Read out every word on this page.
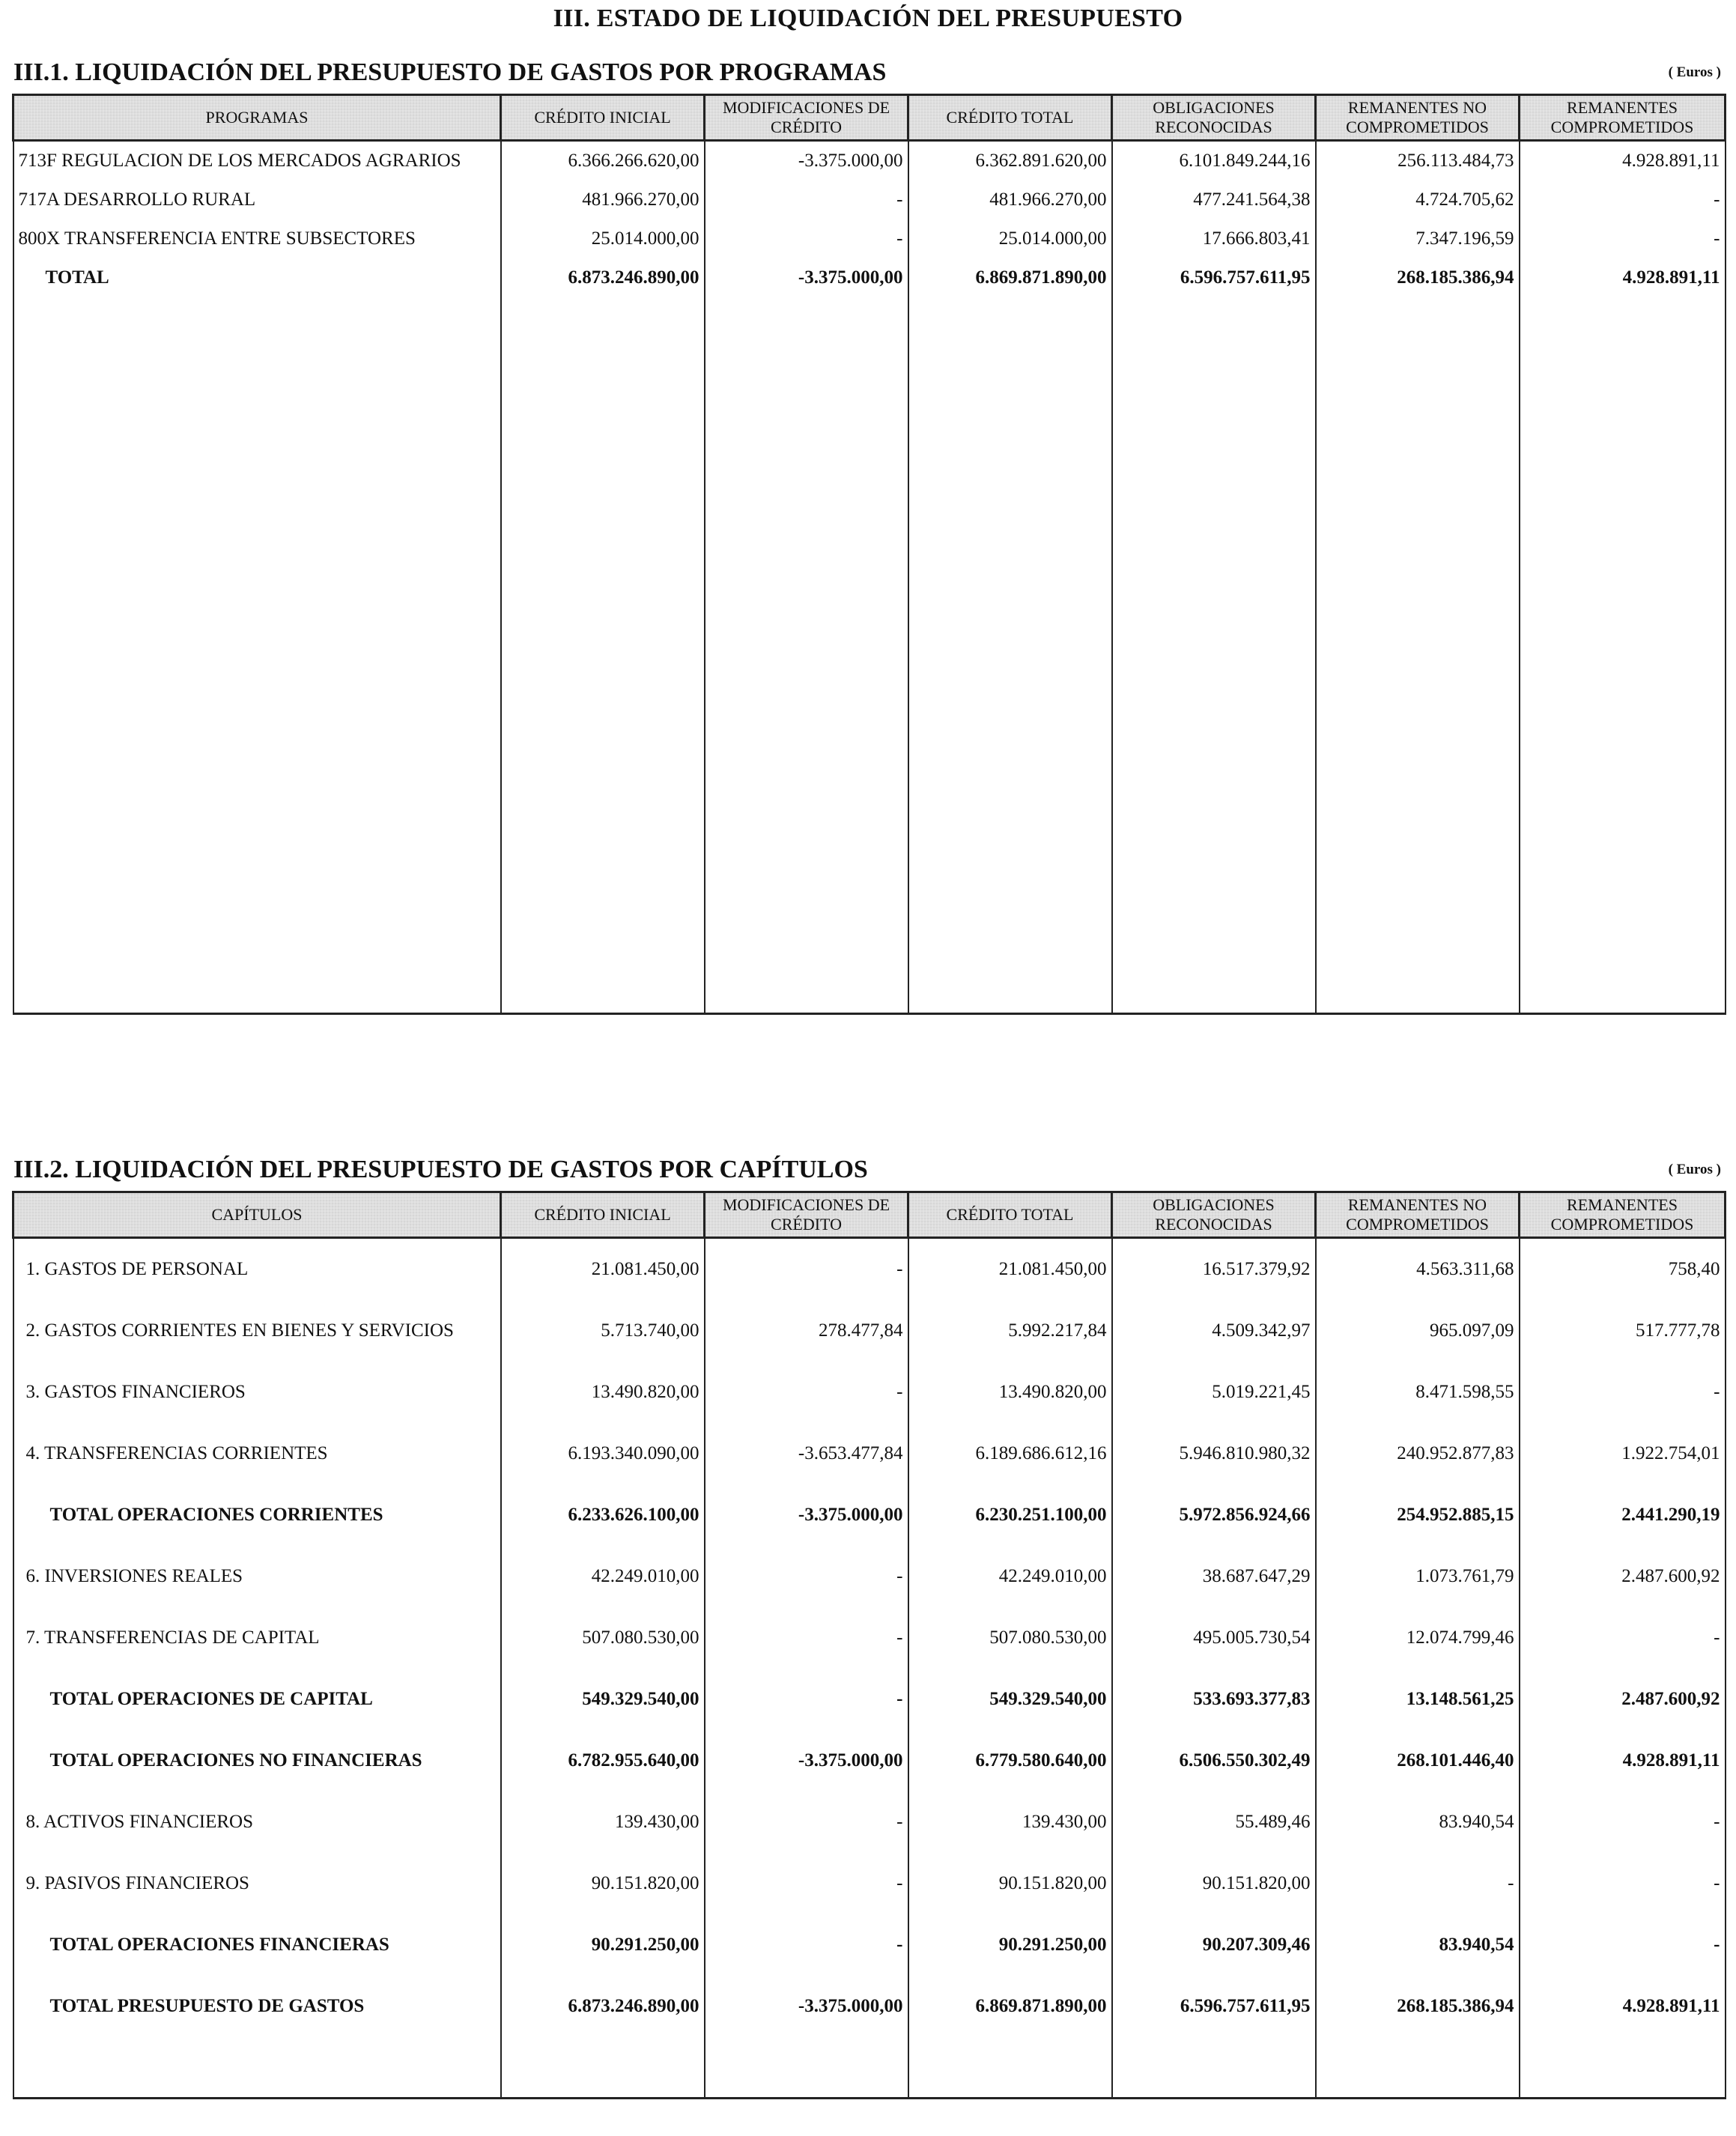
III. ESTADO DE LIQUIDACIÓN DEL PRESUPUESTO
III.1. LIQUIDACIÓN DEL PRESUPUESTO DE GASTOS POR PROGRAMAS	( Euros )
PROGRAMAS	CRÉDITO INICIAL	MODIFICACIONES DE CRÉDITO	CRÉDITO TOTAL	OBLIGACIONES RECONOCIDAS	REMANENTES NO COMPROMETIDOS	REMANENTES COMPROMETIDOS
713F REGULACION DE LOS MERCADOS AGRARIOS	6.366.266.620,00	-3.375.000,00	6.362.891.620,00	6.101.849.244,16	256.113.484,73	4.928.891,11
717A DESARROLLO RURAL	481.966.270,00	-	481.966.270,00	477.241.564,38	4.724.705,62	-
800X TRANSFERENCIA ENTRE SUBSECTORES	25.014.000,00	-	25.014.000,00	17.666.803,41	7.347.196,59	-
TOTAL	6.873.246.890,00	-3.375.000,00	6.869.871.890,00	6.596.757.611,95	268.185.386,94	4.928.891,11

III.2. LIQUIDACIÓN DEL PRESUPUESTO DE GASTOS POR CAPÍTULOS	( Euros )
CAPÍTULOS	CRÉDITO INICIAL	MODIFICACIONES DE CRÉDITO	CRÉDITO TOTAL	OBLIGACIONES RECONOCIDAS	REMANENTES NO COMPROMETIDOS	REMANENTES COMPROMETIDOS
1. GASTOS DE PERSONAL	21.081.450,00	-	21.081.450,00	16.517.379,92	4.563.311,68	758,40
2. GASTOS CORRIENTES EN BIENES Y SERVICIOS	5.713.740,00	278.477,84	5.992.217,84	4.509.342,97	965.097,09	517.777,78
3. GASTOS FINANCIEROS	13.490.820,00	-	13.490.820,00	5.019.221,45	8.471.598,55	-
4. TRANSFERENCIAS CORRIENTES	6.193.340.090,00	-3.653.477,84	6.189.686.612,16	5.946.810.980,32	240.952.877,83	1.922.754,01
TOTAL OPERACIONES CORRIENTES	6.233.626.100,00	-3.375.000,00	6.230.251.100,00	5.972.856.924,66	254.952.885,15	2.441.290,19
6. INVERSIONES REALES	42.249.010,00	-	42.249.010,00	38.687.647,29	1.073.761,79	2.487.600,92
7. TRANSFERENCIAS DE CAPITAL	507.080.530,00	-	507.080.530,00	495.005.730,54	12.074.799,46	-
TOTAL OPERACIONES DE CAPITAL	549.329.540,00	-	549.329.540,00	533.693.377,83	13.148.561,25	2.487.600,92
TOTAL OPERACIONES NO FINANCIERAS	6.782.955.640,00	-3.375.000,00	6.779.580.640,00	6.506.550.302,49	268.101.446,40	4.928.891,11
8. ACTIVOS FINANCIEROS	139.430,00	-	139.430,00	55.489,46	83.940,54	-
9. PASIVOS FINANCIEROS	90.151.820,00	-	90.151.820,00	90.151.820,00	-	-
TOTAL OPERACIONES FINANCIERAS	90.291.250,00	-	90.291.250,00	90.207.309,46	83.940,54	-
TOTAL PRESUPUESTO DE GASTOS	6.873.246.890,00	-3.375.000,00	6.869.871.890,00	6.596.757.611,95	268.185.386,94	4.928.891,11
